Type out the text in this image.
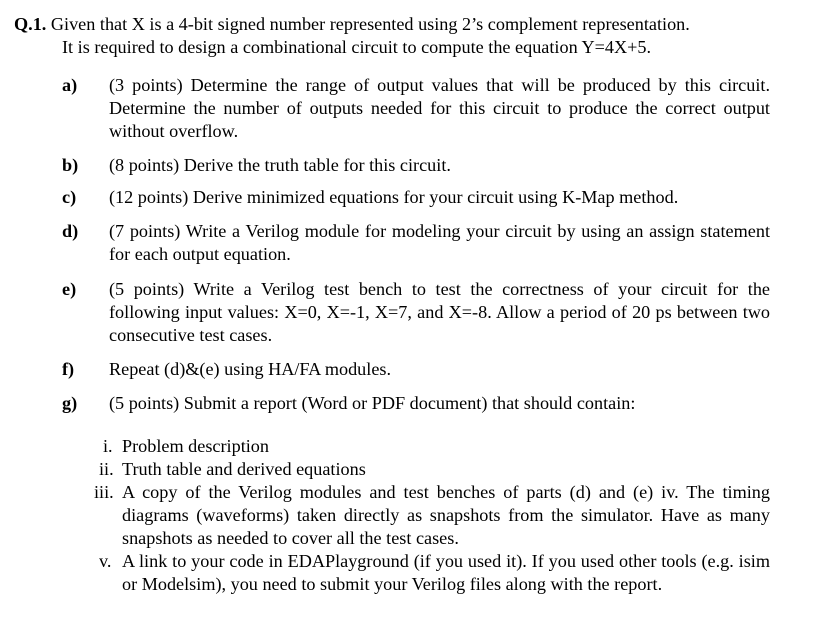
Q.1. Given that X is a 4-bit signed number represented using 2’s complement representation.
It is required to design a combinational circuit to compute the equation Y=4X+5.
a) (3 points) Determine the range of output values that will be produced by this circuit. Determine the number of outputs needed for this circuit to produce the correct output without overflow.
b) (8 points) Derive the truth table for this circuit.
c) (12 points) Derive minimized equations for your circuit using K-Map method.
d) (7 points) Write a Verilog module for modeling your circuit by using an assign statement for each output equation.
e) (5 points) Write a Verilog test bench to test the correctness of your circuit for the following input values: X=0, X=-1, X=7, and X=-8. Allow a period of 20 ps between two consecutive test cases.
f) Repeat (d)&(e) using HA/FA modules.
g) (5 points) Submit a report (Word or PDF document) that should contain:
i. Problem description
ii. Truth table and derived equations
iii. A copy of the Verilog modules and test benches of parts (d) and (e) iv. The timing diagrams (waveforms) taken directly as snapshots from the simulator. Have as many snapshots as needed to cover all the test cases.
v. A link to your code in EDAPlayground (if you used it). If you used other tools (e.g. isim or Modelsim), you need to submit your Verilog files along with the report.
